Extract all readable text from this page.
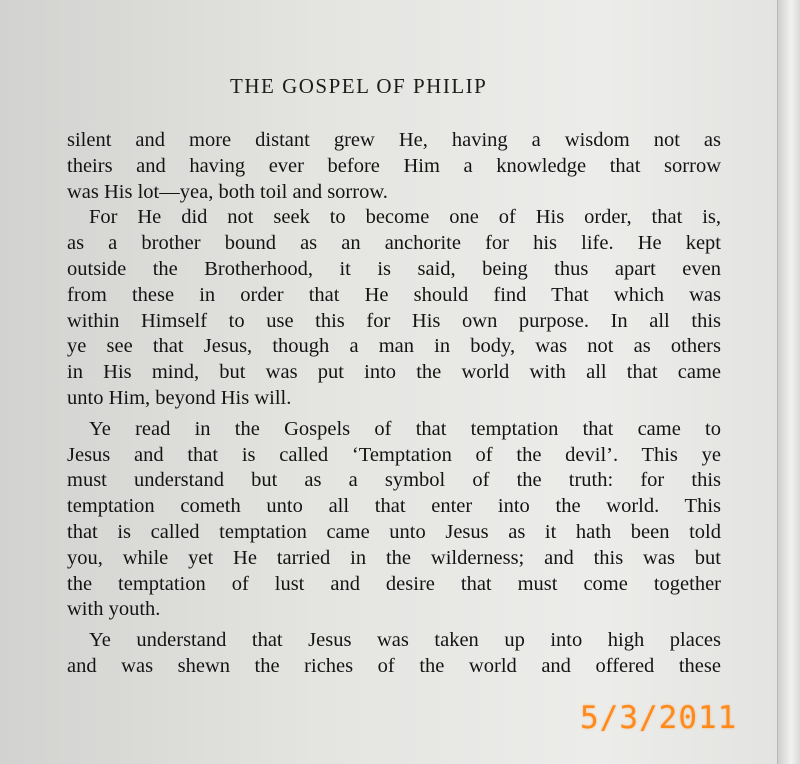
THE GOSPEL OF PHILIP
silent and more distant grew He, having a wisdom not as
theirs and having ever before Him a knowledge that sorrow
was His lot—yea, both toil and sorrow.
For He did not seek to become one of His order, that is,
as a brother bound as an anchorite for his life. He kept
outside the Brotherhood, it is said, being thus apart even
from these in order that He should find That which was
within Himself to use this for His own purpose. In all this
ye see that Jesus, though a man in body, was not as others
in His mind, but was put into the world with all that came
unto Him, beyond His will.
Ye read in the Gospels of that temptation that came to
Jesus and that is called ‘Temptation of the devil’. This ye
must understand but as a symbol of the truth: for this
temptation cometh unto all that enter into the world. This
that is called temptation came unto Jesus as it hath been told
you, while yet He tarried in the wilderness; and this was but
the temptation of lust and desire that must come together
with youth.
Ye understand that Jesus was taken up into high places
and was shewn the riches of the world and offered these
5/3/2011
